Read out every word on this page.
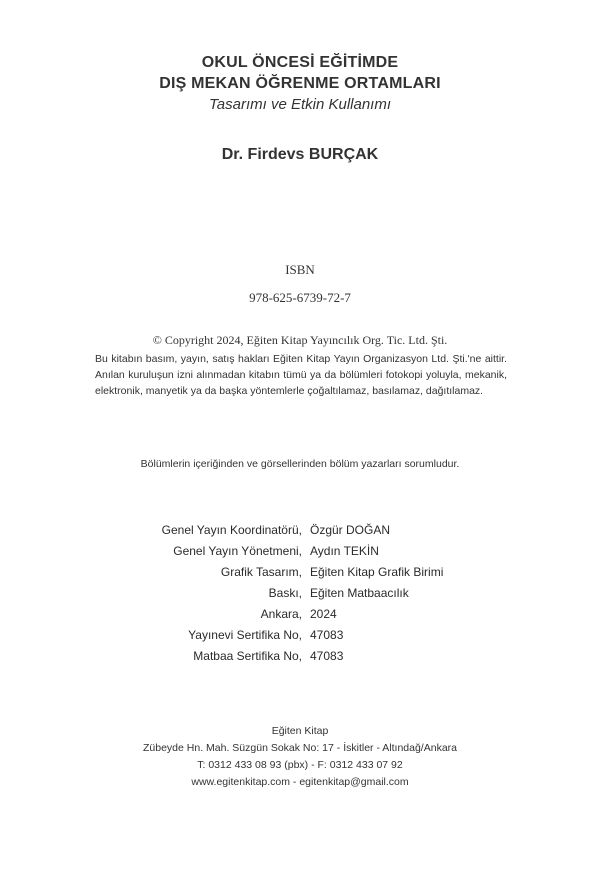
OKUL ÖNCESİ EĞİTİMDE
DIŞ MEKAN ÖĞRENME ORTAMLARI
Tasarımı ve Etkin Kullanımı
Dr. Firdevs BURÇAK
ISBN
978-625-6739-72-7
© Copyright 2024, Eğiten Kitap Yayıncılık Org. Tic. Ltd. Şti.
Bu kitabın basım, yayın, satış hakları Eğiten Kitap Yayın Organizasyon Ltd. Şti.'ne aittir. Anılan kuruluşun izni alınmadan kitabın tümü ya da bölümleri fotokopi yoluyla, mekanik, elektronik, manyetik ya da başka yöntemlerle çoğaltılamaz, basılamaz, dağıtılamaz.
Bölümlerin içeriğinden ve görsellerinden bölüm yazarları sorumludur.
Genel Yayın Koordinatörü, Özgür DOĞAN
Genel Yayın Yönetmeni, Aydın TEKİN
Grafik Tasarım, Eğiten Kitap Grafik Birimi
Baskı, Eğiten Matbaacılık
Ankara, 2024
Yayınevi Sertifika No, 47083
Matbaa Sertifika No, 47083
Eğiten Kitap
Zübeyde Hn. Mah. Süzgün Sokak No: 17 - İskitler - Altındağ/Ankara
T: 0312 433 08 93 (pbx) - F: 0312 433 07 92
www.egitenkitap.com - egitenkitap@gmail.com
